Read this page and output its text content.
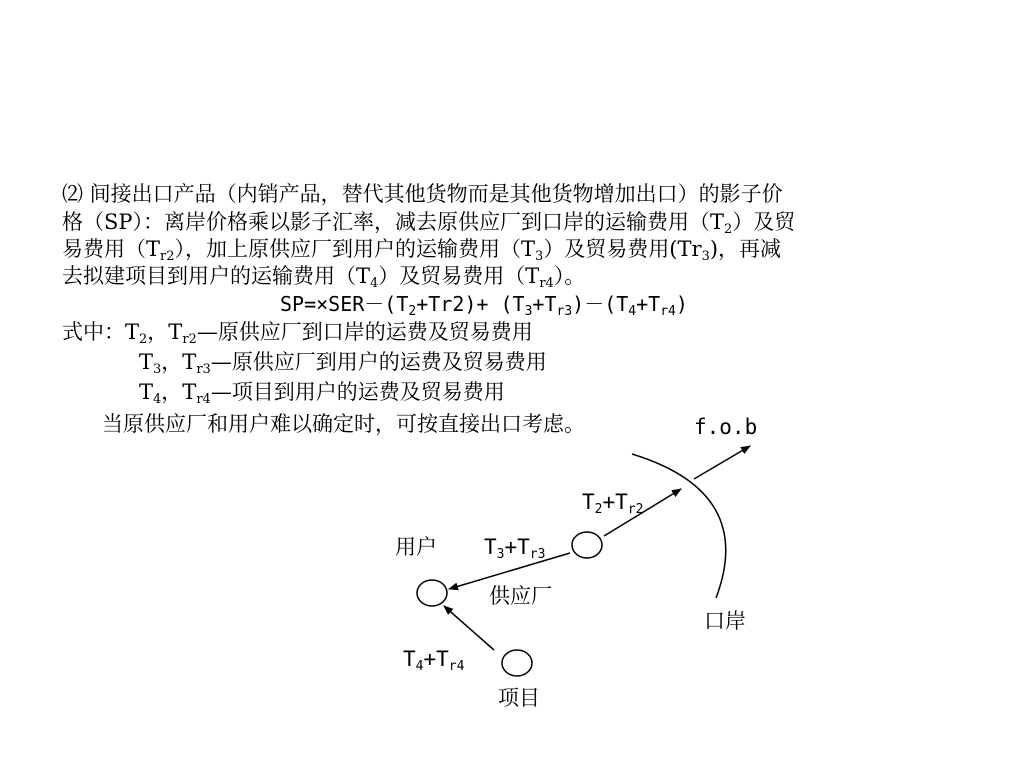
⑵ 间接出口产品（内销产品，替代其他货物而是其他货物增加出口）的影子价
格（SP）：离岸价格乘以影子汇率，减去原供应厂到口岸的运输费用$(T_2)$及贸
易费用$(T_{r2})$，加上原供应厂到用户的运输费用$(T_3)$及贸易费用$(Tr_3)$，再减
去拟建项目到用户的运输费用$(T_4)$及贸易费用$(T_{r4})$。
$SP=\times SER-(T_2+Tr2)+ (T_3+T_{r3})-(T_4+T_{r4})$
式中：$T_2$，$T_{r2}—$原供应厂到口岸的运费及贸易费用
$T_3$，$T_{r3}—$原供应厂到用户的运费及贸易费用
$T_4$，$T_{r4}—$项目到用户的运费及贸易费用
当原供应厂和用户难以确定时，可按直接出口考虑。	f.o.b
$T_2+T_{r2}$
用户 $T_3+T_{r3}$
供应厂
口岸
$T_4+T_{r4}$
项目
